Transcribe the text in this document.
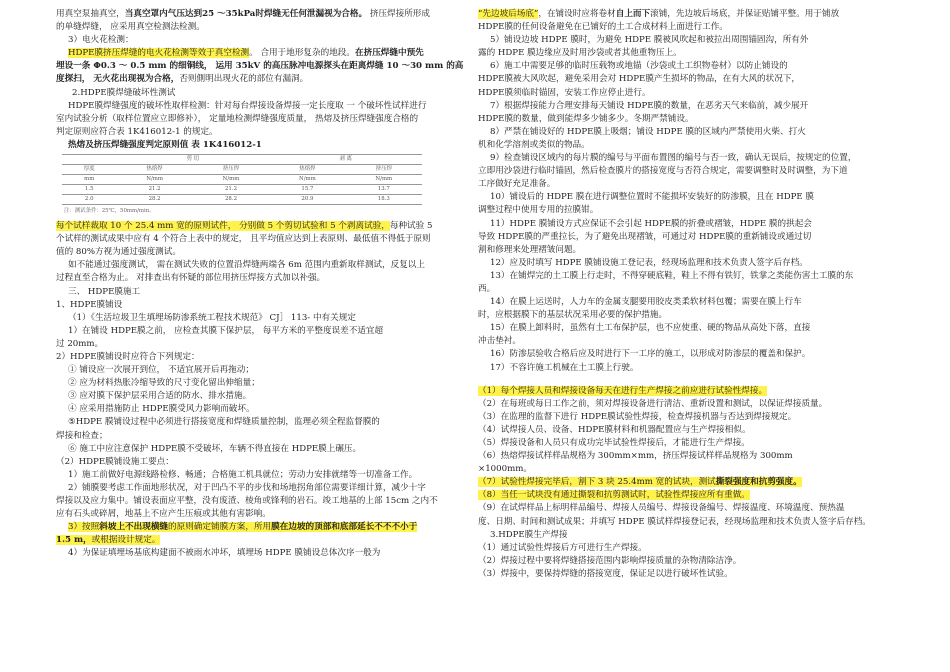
用真空泵抽真空，当真空罩内气压达到25 ～35kPa时焊缝无任何泄漏视为合格。 挤压焊接所形成

的单缝焊缝， 应采用真空检测法检测。

3）电火花检测：

HDPE膜挤压焊缝的电火花检测等效于真空检测。 合用于地形复杂的地段。在挤压焊缝中预先

埋设一条 Φ0.3 ～ 0.5 mm 的细铜线， 运用 35kV 的高压脉冲电源探头在距离焊缝 10 ～30 mm 的高

度探扫， 无火花出现视为合格，否则側明出现火花的部位有漏洞。

2.HDPE膜焊缝破坏性测试

HDPE膜焊缝强度的破坏性取样检测：针对每台焊接设备焊接一定长度取 一 个破坏性试样进行

室内试验分析（取样位置应立即修补）， 定量地检测焊缝强度质量， 热熔及挤压焊缝强度合格的

判定原则应符合表 1K416012-1 的规定。

热熔及挤压焊缝强度判定原则值 表 1K416012-1

	剪 切		剥 离	
厚度	热熔焊	挤压焊	热熔焊	挤压焊
mm	N/mm	N/mm	N/mm	N/mm
1.5	21.2	21.2	15.7	13.7
2.0	28.2	28.2	20.9	18.3
注：测试条件：25℃，50mm/min。

每个试样裁取 10 个 25.4 mm 宽的原则试件， 分别做 5 个剪切试验和 5 个剥离试验，每种试验 5

个试样的测试成果中应有 4 个符合上表中的规定， 且平均值应达到上表原则、最低值不得低于原则

值的 80%方视为通过强度测试。

如不能通过强度测试， 需在测试失败的位置沿焊缝两端各 6m 范围内重新取样测试，反复以上

过程直至合格为止。 对排查出有怀疑的部位用挤压焊接方式加以补强。

三、 HDPE膜施工

1、HDPE膜铺设

（1）《生活垃圾卫生填埋场防渗系统工程技术规范》 CJ］ 113- 中有关规定

1）在铺设 HDPE膜之前， 应检查其膜下保护层， 每平方米的平整度误差不适宜超

过 20mm。

2）HDPE膜铺设时应符合下列规定：

① 铺设应一次展开到位， 不适宜展开后再拖动；

② 应为材料热胀冷缩导致的尺寸变化留出伸缩量；

③ 应对膜下保护层采用合适的防水、排水措施。

④ 应采用措施防止 HDPE膜受风力影响而破坏。

⑤HDPE 膜铺设过程中必须进行搭接宽度和焊缝质量控制，监理必须全程监督膜的

焊接和检查；

⑥ 施工中应注意保护 HDPE膜不受破坏，车辆不得直接在 HDPE膜上碾压。

（2）HDPE膜铺设施工要点：

1）施工前做好电源线路检修、畅通；合格施工机具就位；劳动力安排就绪等一切准备工作。

2）铺膜要考虑工作面地形状况，对于凹凸不平的步伐和场地拐角部位需要详细计算，减少十字

焊接以及应力集中。铺设表面应平整，没有废渣、棱角或锋利的岩石。竣工地基的上部 15cm 之内不

应有石头或碎屑，地基上不应产生压痕或其他有害影响。

3）按照斜坡上不出现横缝的原则确定铺膜方案，所用膜在边坡的顶部和底部延长不不不小于

1.5 m，或根据设计规定。

4）为保证填埋场基底构建面不被雨水冲坏，填埋场 HDPE 膜铺设总体次序一般为

“先边坡后场底”，在铺设时应将卷材自上而下滚铺，先边坡后场底，并保证贴铺平整。用于铺放

HDPE膜的任何设备避免在已铺好的土工合成材料上面进行工作。

5）铺设边坡 HDPE 膜时，为避免 HDPE 膜被风吹起和被拉出周围锚固沟，所有外

露的 HDPE 膜边缘应及时用沙袋或者其他重物压上。

6）施工中需要足够的临时压载物或地锚（沙袋或土工织物卷材）以防止铺设的

HDPE膜被大风吹起，避免采用会对 HDPE膜产生损坏的物品，在有大风的状况下，

HDPE膜须临时锚固，安装工作应停止进行。

7）根据焊接能力合理安排每天铺设 HDPE膜的数量，在恶劣天气来临前，减少展开

HDPE膜的数量，做到能焊多少铺多少。冬期严禁铺设。

8）严禁在铺设好的 HDPE膜上吸烟；铺设 HDPE 膜的区域内严禁使用火柴、打火

机和化学溶剂或类似的物品。

9）检查铺设区域内的每片膜的编号与平面布置图的编号与否一致，确认无误后，按规定的位置，

立即用沙袋进行临时锚固，然后检查膜片的搭接宽度与否符合规定，需要调整时及时调整，为下道

工序做好充足准备。

10）铺设后的 HDPE 膜在进行调整位置时不能损坏安装好的防渗膜，且在 HDPE 膜

调整过程中使用专用的拉膜钳。

11）HDPE 膜铺设方式应保证不会引起 HDPE膜的折叠或褶皱，HDPE 膜的拱起会

导致 HDPE膜的严重拉长，为了避免出现褶皱，可通过对 HDPE膜的重新铺设或通过切

割和修理来处理褶皱问题。

12）应及时填写 HDPE 膜铺设施工登记表，经现场监理和技术负责人签字后存档。

13）在铺焊完的土工膜上行走时，不得穿硬底鞋，鞋上不得有铁钉，铁掌之类能伤害土工膜的东

西。

14）在膜上运送时，人力车的金属支腿要用胶皮类柔软材料包覆；需要在膜上行车

时，应根据膜下的基层状况采用必要的保护措施。

15）在膜上卸料时，虽然有土工布保护层，也不应使重、硬的物品从高处下落，直接

冲击垫衬。

16）防渗层验收合格后应及时进行下一工序的施工，以形成对防渗层的覆盖和保护。

17）不容许施工机械在土工膜上行驶。

（1）每个焊接人员和焊接设备每天在进行生产焊接之前应进行试验性焊接。

（2）在每班或每日工作之前，须对焊接设备进行清洁、重新设置和测试，以保证焊接质量。

（3）在监理的监督下进行 HDPE膜试验性焊接，检查焊接机器与否达到焊接规定。

（4）试焊接人员、设备、HDPE膜材料和机器配置应与生产焊接相似。

（5）焊接设备和人员只有成功完毕试验性焊接后，才能进行生产焊接。

（6）热熔焊接试样样品规格为 300mm×mm，挤压焊接试样样品规格为 300mm

×1000mm。

（7）试验性焊接完毕后，割下 3 块 25.4mm 宽的试块，测试撕裂强度和抗剪强度。

（8）当任一试块没有通过撕裂和抗剪测试时，试验性焊接应所有重做。

（9）在试焊样品上标明样品编号、焊接人员编号、焊接设备编号、焊接温度、环境温度、预热温

度、日期、时间和测试成果；并填写 HDPE 膜试样焊接登记表，经现场监理和技术负责人签字后存档。

3.HDPE膜生产焊接

（1）通过试验性焊接后方可进行生产焊接。

（2）焊接过程中要将焊缝搭接范围内影响焊接质量的杂物清除洁净。

（3）焊接中，要保持焊缝的搭接宽度，保证足以进行破坏性试验。
